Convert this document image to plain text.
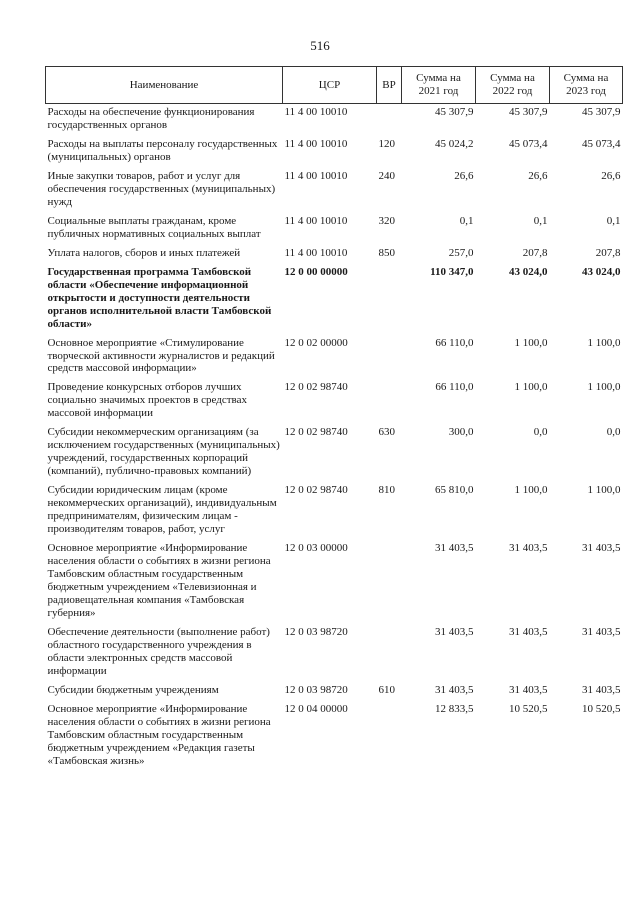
516
Наименование	ЦСР	ВР	Сумма на 2021 год	Сумма на 2022 год	Сумма на 2023 год
Расходы на обеспечение функционирования государственных органов	11 4 00 10010		45 307,9	45 307,9	45 307,9
Расходы на выплаты персоналу государственных (муниципальных) органов	11 4 00 10010	120	45 024,2	45 073,4	45 073,4
Иные закупки товаров, работ и услуг для обеспечения государственных (муниципальных) нужд	11 4 00 10010	240	26,6	26,6	26,6
Социальные выплаты гражданам, кроме публичных нормативных социальных выплат	11 4 00 10010	320	0,1	0,1	0,1
Уплата налогов, сборов и иных платежей	11 4 00 10010	850	257,0	207,8	207,8
Государственная программа Тамбовской области «Обеспечение информационной открытости и доступности деятельности органов исполнительной власти Тамбовской области»	12 0 00 00000		110 347,0	43 024,0	43 024,0
Основное мероприятие «Стимулирование творческой активности журналистов и редакций средств массовой информации»	12 0 02 00000		66 110,0	1 100,0	1 100,0
Проведение конкурсных отборов лучших социально значимых проектов в средствах массовой информации	12 0 02 98740		66 110,0	1 100,0	1 100,0
Субсидии некоммерческим организациям (за исключением государственных (муниципальных) учреждений, государственных корпораций (компаний), публично-правовых компаний)	12 0 02 98740	630	300,0	0,0	0,0
Субсидии юридическим лицам (кроме некоммерческих организаций), индивидуальным предпринимателям, физическим лицам - производителям товаров, работ, услуг	12 0 02 98740	810	65 810,0	1 100,0	1 100,0
Основное мероприятие «Информирование населения области о событиях в жизни региона Тамбовским областным государственным бюджетным учреждением «Телевизионная и радиовещательная компания «Тамбовская губерния»	12 0 03 00000		31 403,5	31 403,5	31 403,5
Обеспечение деятельности (выполнение работ) областного государственного учреждения в области электронных средств массовой информации	12 0 03 98720		31 403,5	31 403,5	31 403,5
Субсидии бюджетным учреждениям	12 0 03 98720	610	31 403,5	31 403,5	31 403,5
Основное мероприятие «Информирование населения области о событиях в жизни региона Тамбовским областным государственным бюджетным учреждением «Редакция газеты «Тамбовская жизнь»	12 0 04 00000		12 833,5	10 520,5	10 520,5
